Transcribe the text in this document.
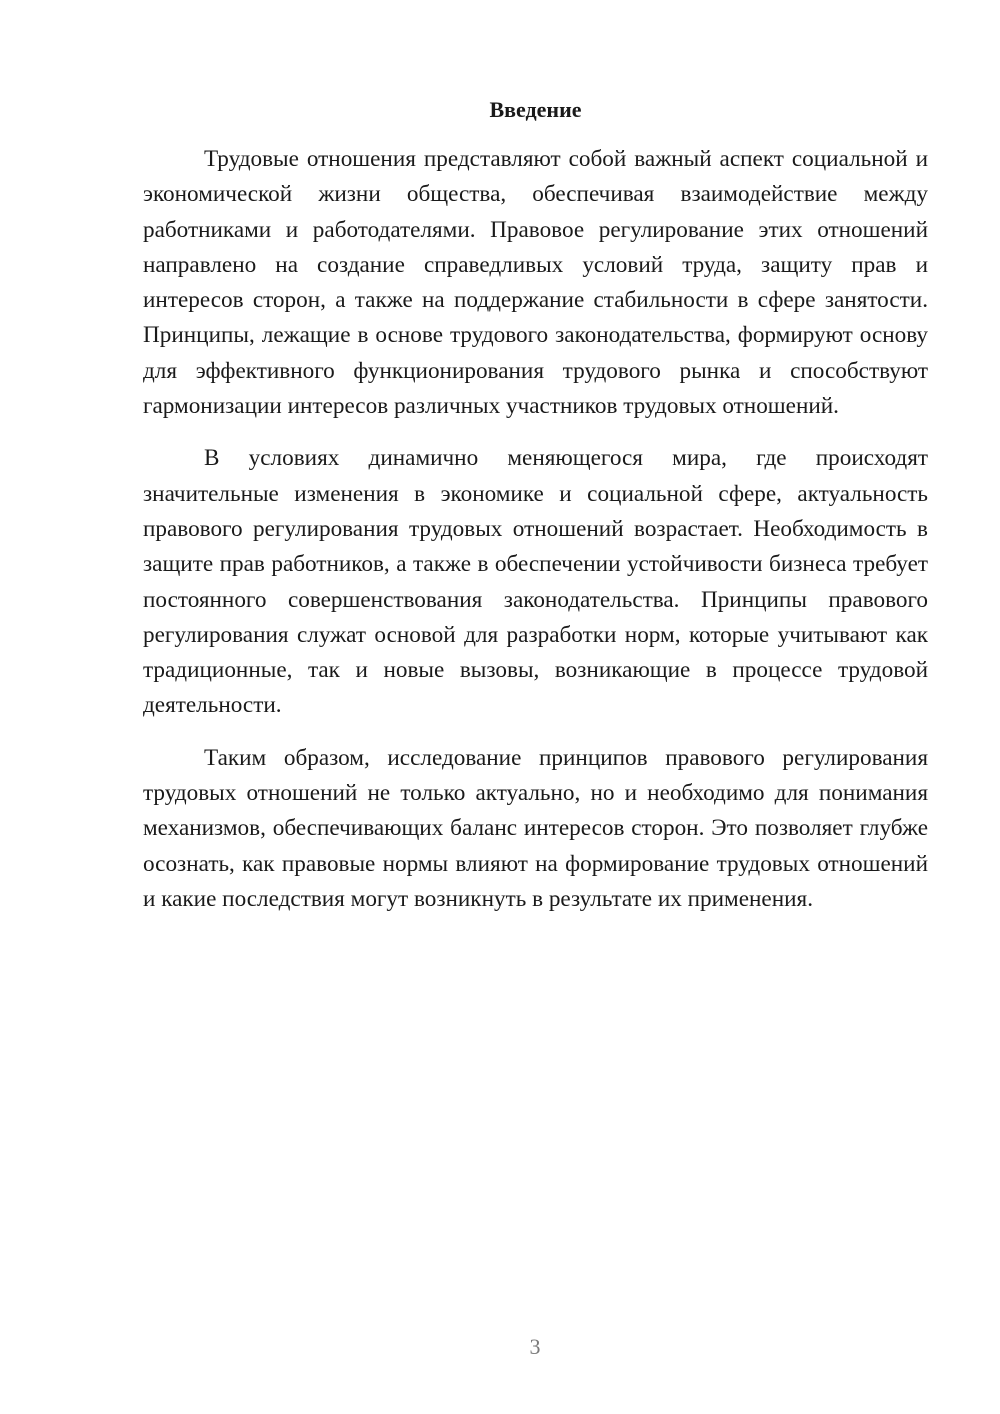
Введение

Трудовые отношения представляют собой важный аспект социальной и экономической жизни общества, обеспечивая взаимодействие между работниками и работодателями. Правовое регулирование этих отношений направлено на создание справедливых условий труда, защиту прав и интересов сторон, а также на поддержание стабильности в сфере занятости. Принципы, лежащие в основе трудового законодательства, формируют основу для эффективного функционирования трудового рынка и способствуют гармонизации интересов различных участников трудовых отношений.

В условиях динамично меняющегося мира, где происходят значительные изменения в экономике и социальной сфере, актуальность правового регулирования трудовых отношений возрастает. Необходимость в защите прав работников, а также в обеспечении устойчивости бизнеса требует постоянного совершенствования законодательства. Принципы правового регулирования служат основой для разработки норм, которые учитывают как традиционные, так и новые вызовы, возникающие в процессе трудовой деятельности.

Таким образом, исследование принципов правового регулирования трудовых отношений не только актуально, но и необходимо для понимания механизмов, обеспечивающих баланс интересов сторон. Это позволяет глубже осознать, как правовые нормы влияют на формирование трудовых отношений и какие последствия могут возникнуть в результате их применения.

3
